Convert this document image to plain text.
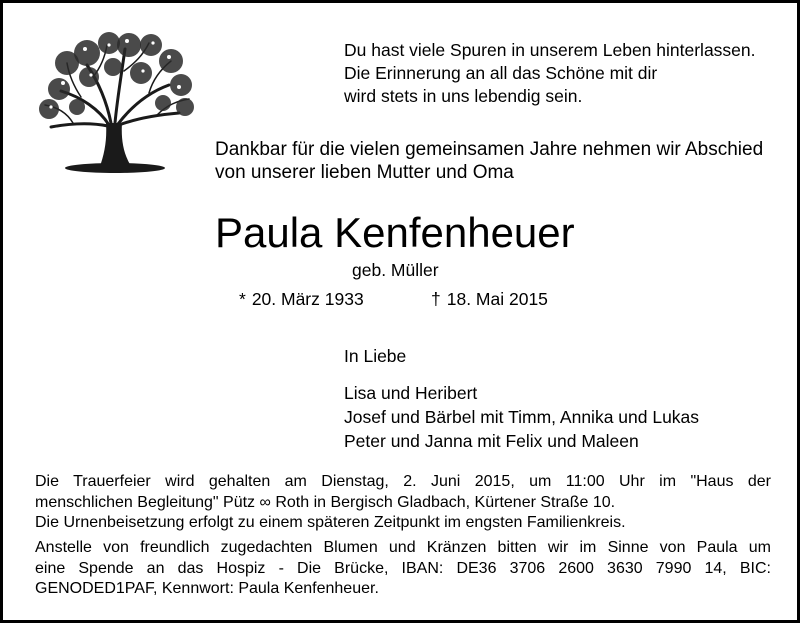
Du hast viele Spuren in unserem Leben hinterlassen.
Die Erinnerung an all das Schöne mit dir
wird stets in uns lebendig sein.
Dankbar für die vielen gemeinsamen Jahre nehmen wir Abschied
von unserer lieben Mutter und Oma
Paula Kenfenheuer
geb. Müller
* 20. März 1933	† 18. Mai 2015
In Liebe
Lisa und Heribert
Josef und Bärbel mit Timm, Annika und Lukas
Peter und Janna mit Felix und Maleen
Die Trauerfeier wird gehalten am Dienstag, 2. Juni 2015, um 11:00 Uhr im "Haus der
menschlichen Begleitung" Pütz ∞ Roth in Bergisch Gladbach, Kürtener Straße 10.
Die Urnenbeisetzung erfolgt zu einem späteren Zeitpunkt im engsten Familienkreis.
Anstelle von freundlich zugedachten Blumen und Kränzen bitten wir im Sinne von Paula um
eine Spende an das Hospiz - Die Brücke, IBAN: DE36 3706 2600 3630 7990 14, BIC:
GENODED1PAF, Kennwort: Paula Kenfenheuer.
